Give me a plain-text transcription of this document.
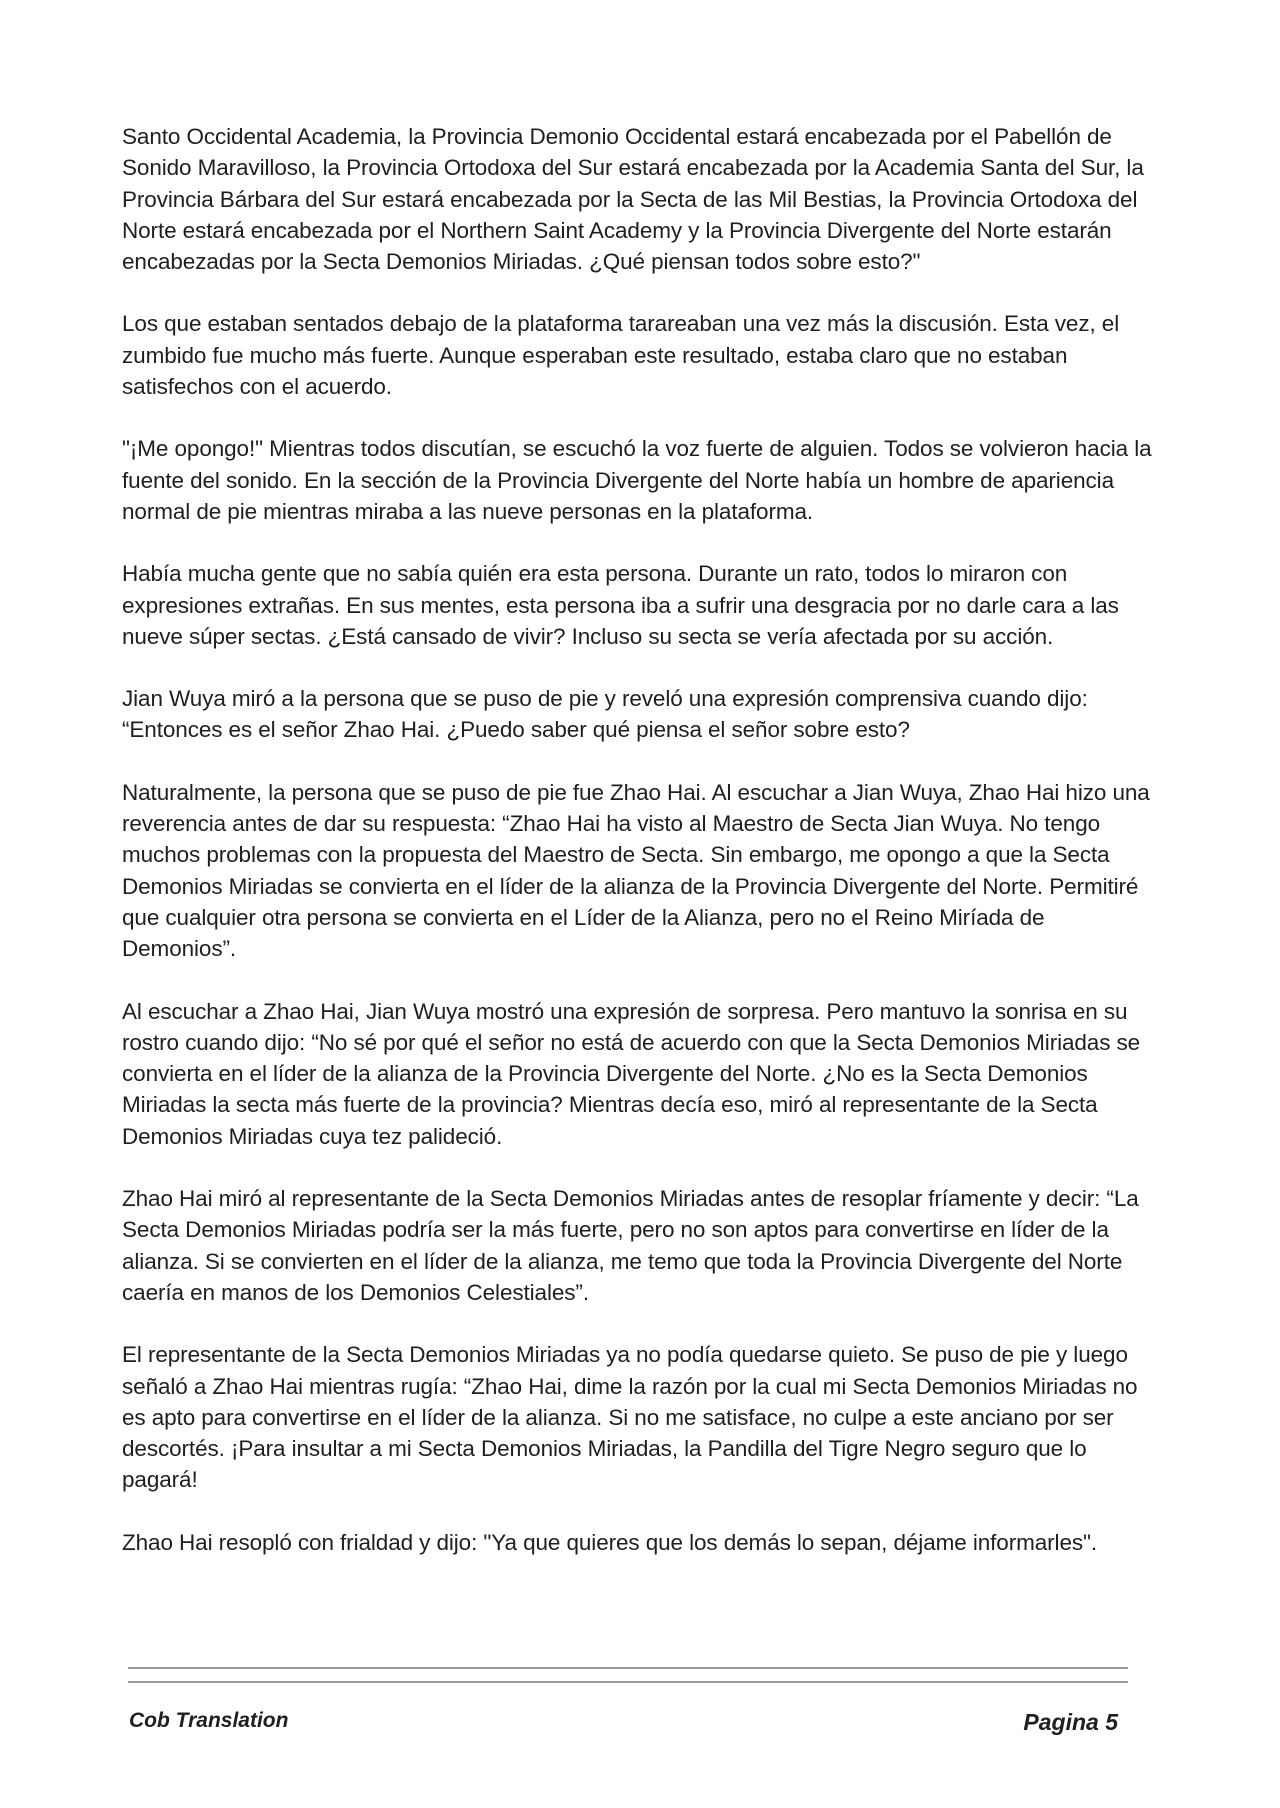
Santo Occidental Academia, la Provincia Demonio Occidental estará encabezada por el Pabellón de Sonido Maravilloso, la Provincia Ortodoxa del Sur estará encabezada por la Academia Santa del Sur, la Provincia Bárbara del Sur estará encabezada por la Secta de las Mil Bestias, la Provincia Ortodoxa del Norte estará encabezada por el Northern Saint Academy y la Provincia Divergente del Norte estarán encabezadas por la Secta Demonios Miriadas. ¿Qué piensan todos sobre esto?"

Los que estaban sentados debajo de la plataforma tarareaban una vez más la discusión. Esta vez, el zumbido fue mucho más fuerte. Aunque esperaban este resultado, estaba claro que no estaban satisfechos con el acuerdo.

"¡Me opongo!" Mientras todos discutían, se escuchó la voz fuerte de alguien. Todos se volvieron hacia la fuente del sonido. En la sección de la Provincia Divergente del Norte había un hombre de apariencia normal de pie mientras miraba a las nueve personas en la plataforma.

Había mucha gente que no sabía quién era esta persona. Durante un rato, todos lo miraron con expresiones extrañas. En sus mentes, esta persona iba a sufrir una desgracia por no darle cara a las nueve súper sectas. ¿Está cansado de vivir? Incluso su secta se vería afectada por su acción.

Jian Wuya miró a la persona que se puso de pie y reveló una expresión comprensiva cuando dijo: “Entonces es el señor Zhao Hai. ¿Puedo saber qué piensa el señor sobre esto?

Naturalmente, la persona que se puso de pie fue Zhao Hai. Al escuchar a Jian Wuya, Zhao Hai hizo una reverencia antes de dar su respuesta: “Zhao Hai ha visto al Maestro de Secta Jian Wuya. No tengo muchos problemas con la propuesta del Maestro de Secta. Sin embargo, me opongo a que la Secta Demonios Miriadas se convierta en el líder de la alianza de la Provincia Divergente del Norte. Permitiré que cualquier otra persona se convierta en el Líder de la Alianza, pero no el Reino Miríada de Demonios”.

Al escuchar a Zhao Hai, Jian Wuya mostró una expresión de sorpresa. Pero mantuvo la sonrisa en su rostro cuando dijo: “No sé por qué el señor no está de acuerdo con que la Secta Demonios Miriadas se convierta en el líder de la alianza de la Provincia Divergente del Norte. ¿No es la Secta Demonios Miriadas la secta más fuerte de la provincia? Mientras decía eso, miró al representante de la Secta Demonios Miriadas cuya tez palideció.

Zhao Hai miró al representante de la Secta Demonios Miriadas antes de resoplar fríamente y decir: “La Secta Demonios Miriadas podría ser la más fuerte, pero no son aptos para convertirse en líder de la alianza. Si se convierten en el líder de la alianza, me temo que toda la Provincia Divergente del Norte caería en manos de los Demonios Celestiales”.

El representante de la Secta Demonios Miriadas ya no podía quedarse quieto. Se puso de pie y luego señaló a Zhao Hai mientras rugía: “Zhao Hai, dime la razón por la cual mi Secta Demonios Miriadas no es apto para convertirse en el líder de la alianza. Si no me satisface, no culpe a este anciano por ser descortés. ¡Para insultar a mi Secta Demonios Miriadas, la Pandilla del Tigre Negro seguro que lo pagará!

Zhao Hai resopló con frialdad y dijo: "Ya que quieres que los demás lo sepan, déjame informarles".

Cob Translation	Pagina 5
